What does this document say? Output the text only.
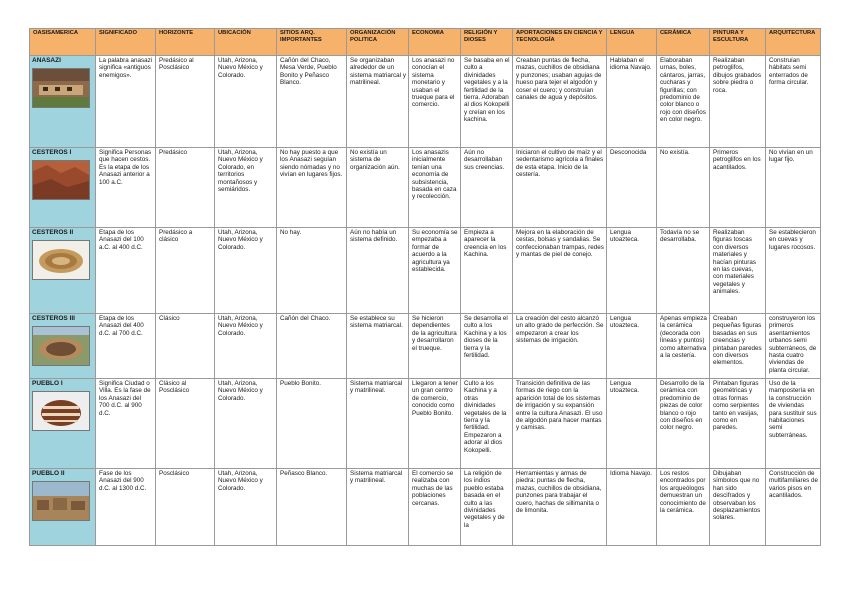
OASISAMERICA	SIGNIFICADO	HORIZONTE	UBICACIÓN	SITIOS ARQ. IMPORTANTES	ORGANIZACIÓN POLITICA	ECONOMIA	RELIGIÓN Y DIOSES	APORTACIONES EN CIENCIA Y TECNOLOGÍA	LENGUA	CERÁMICA	PINTURA Y ESCULTURA	ARQUITECTURA
ANASAZI	La palabra anasazi significa «antiguos enemigos».	Predásico al Posclásico	Utah, Arizona, Nuevo México y Colorado.	Cañón del Chaco, Mesa Verde, Pueblo Bonito y Peñasco Blanco.	Se organizaban alrededor de un sistema matriarcal y matrilineal.	Los anasazi no conocían el sistema monetario y usaban el trueque para el comercio.	Se basaba en el culto a divinidades vegetales y a la fertilidad de la tierra. Adoraban al dios Kokopelli y creían en los kachina.	Creaban puntas de flecha, mazas, cuchillos de obsidiana y punzones; usaban agujas de hueso para tejer el algodón y coser el cuero; y construían canales de agua y depósitos.	Hablaban el idioma Navajo.	Elaboraban urnas, boles, cántaros, jarras, cucharas y figurillas; con predominio de color blanco o rojo con diseños en color negro.	Realizaban petroglifos, dibujos grabados sobre piedra o roca.	Construían hábitats semi enterrados de forma circular.
CESTEROS I	Significa Personas que hacen cestos. Es la etapa de los Anasazi anterior a 100 a.C.	Predásico	Utah, Arizona, Nuevo México y Colorado, en territorios montañosos y semiáridos.	No hay puesto a que los Anasazi seguían siendo nómadas y no vivían en lugares fijos.	No existía un sistema de organización aún.	Los anasazis inicialmente tenían una economía de subsistencia, basada en caza y recolección.	Aún no desarrollaban sus creencias.	Iniciaron el cultivo de maíz y el sedentarismo agrícola a finales de esta etapa. Inicio de la cestería.	Desconocida	No existía.	Primeros petroglifos en los acantilados.	No vivían en un lugar fijo.
CESTEROS II	Etapa de los Anasazi del 100 a.C. al 400 d.C.	Predásico a clásico	Utah, Arizona, Nuevo México y Colorado.	No hay.	Aún no había un sistema definido.	Su economía se empezaba a formar de acuerdo a la agricultura ya establecida.	Empieza a aparecer la creencia en los Kachina.	Mejora en la elaboración de cestas, bolsas y sandalias. Se confeccionaban trampas, redes y mantas de piel de conejo.	Lengua utoazteca.	Todavía no se desarrollaba.	Realizaban figuras toscas con diversos materiales y hacían pinturas en las cuevas, con materiales vegetales y animales.	Se establecieron en cuevas y lugares rocosos.
CESTEROS III	Etapa de los Anasazi del 400 d.C. al 700 d.C.	Clásico	Utah, Arizona, Nuevo México y Colorado.	Cañón del Chaco.	Se establece su sistema matriarcal.	Se hicieron dependientes de la agricultura y desarrollaron el trueque.	Se desarrolla el culto a los Kachina y a los dioses de la tierra y la fertilidad.	La creación del cesto alcanzó un alto grado de perfección. Se empezaron a crear los sistemas de irrigación.	Lengua utoazteca.	Apenas empieza la cerámica (decorada con líneas y puntos) como alternativa a la cestería.	Creaban pequeñas figuras basadas en sus creencias y pintaban paredes con diversos elementos.	construyeron los primeros asentamientos urbanos semi subterráneos, de hasta cuatro viviendas de planta circular.
PUEBLO I	Significa Ciudad o Villa. Es la fase de los Anasazi del 700 d.C. al 900 d.C.	Clásico al Posclásico	Utah, Arizona, Nuevo México y Colorado.	Pueblo Bonito.	Sistema matriarcal y matrilineal.	Llegaron a tener un gran centro de comercio, conocido como Pueblo Bonito.	Culto a los Kachina y a otras divinidades vegetales de la tierra y la fertilidad. Empezaron a adorar al dios Kokopelli.	Transición definitiva de las formas de riego con la aparición total de los sistemas de irrigación y su expansión entre la cultura Anasazi. El uso de algodón para hacer mantas y camisas.	Lengua utoazteca.	Desarrollo de la cerámica con predominio de piezas de color blanco o rojo con diseños en color negro.	Pintaban figuras geométricas y otras formas como serpientes tanto en vasijas, como en paredes.	Uso de la mampostería en la construcción de viviendas para sustituir sus habitaciones semi subterráneas.
PUEBLO II	Fase de los Anasazi del 900 d.C. al 1300 d.C.	Posclásico	Utah, Arizona, Nuevo México y Colorado.	Peñasco Blanco.	Sistema matriarcal y matrilineal.	El comercio se realizaba con muchas de las poblaciones cercanas.	La religión de los indios pueblo estaba basada en el culto a las divinidades vegetales y de la	Herramientas y armas de piedra: puntas de flecha, mazas, cuchillos de obsidiana, punzones para trabajar el cuero, hachas de sillimanita o de limonita.	Idioma Navajo.	Los restos encontrados por los arqueólogos demuestran un conocimiento de la cerámica.	Dibujaban símbolos que no han sido descifrados y observaban los desplazamientos solares.	Construcción de multifamiliares de varios pisos en acantilados.
